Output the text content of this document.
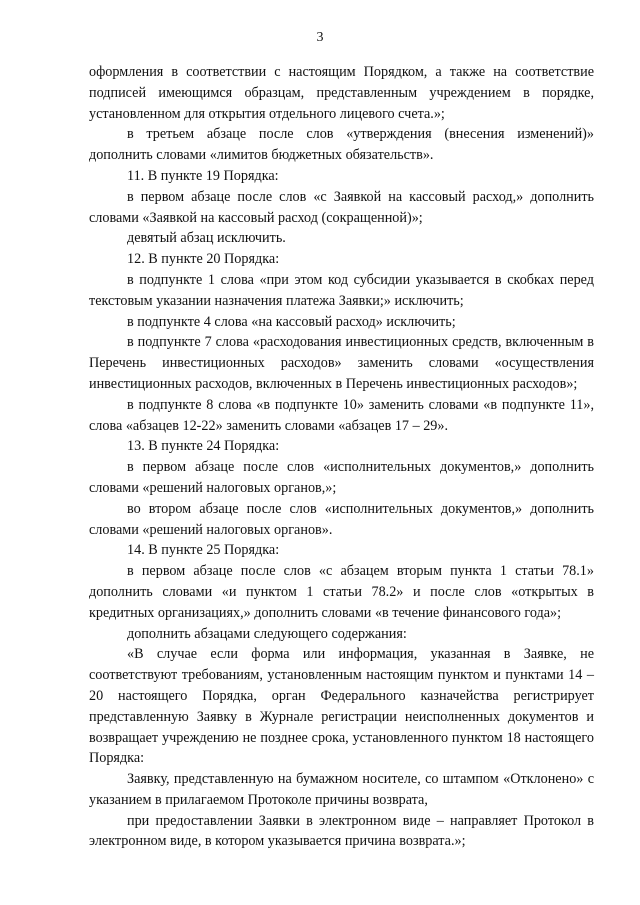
3

оформления в соответствии с настоящим Порядком, а также на соответствие подписей имеющимся образцам, представленным учреждением в порядке, установленном для открытия отдельного лицевого счета.»;

в третьем абзаце после слов «утверждения (внесения изменений)» дополнить словами «лимитов бюджетных обязательств».

11. В пункте 19 Порядка:

в первом абзаце после слов «с Заявкой на кассовый расход,» дополнить словами «Заявкой на кассовый расход (сокращенной)»;

девятый абзац исключить.

12. В пункте 20 Порядка:

в подпункте 1 слова «при этом код субсидии указывается в скобках перед текстовым указании назначения платежа Заявки;» исключить;

в подпункте 4 слова «на кассовый расход» исключить;

в подпункте 7 слова «расходования инвестиционных средств, включенным в Перечень инвестиционных расходов» заменить словами «осуществления инвестиционных расходов, включенных в Перечень инвестиционных расходов»;

в подпункте 8 слова «в подпункте 10» заменить словами «в подпункте 11», слова «абзацев 12-22» заменить словами «абзацев 17 – 29».

13. В пункте 24 Порядка:

в первом абзаце после слов «исполнительных документов,» дополнить словами «решений налоговых органов,»;

во втором абзаце после слов «исполнительных документов,» дополнить словами «решений налоговых органов».

14. В пункте 25 Порядка:

в первом абзаце после слов «с абзацем вторым пункта 1 статьи 78.1» дополнить словами «и пунктом 1 статьи 78.2» и после слов «открытых в кредитных организациях,» дополнить словами «в течение финансового года»;

дополнить абзацами следующего содержания:

«В случае если форма или информация, указанная в Заявке, не соответствуют требованиям, установленным настоящим пунктом и пунктами 14 – 20 настоящего Порядка, орган Федерального казначейства регистрирует представленную Заявку в Журнале регистрации неисполненных документов и возвращает учреждению не позднее срока, установленного пунктом 18 настоящего Порядка:

Заявку, представленную на бумажном носителе, со штампом «Отклонено» с указанием в прилагаемом Протоколе причины возврата,

при предоставлении Заявки в электронном виде – направляет Протокол в электронном виде, в котором указывается причина возврата.»;
